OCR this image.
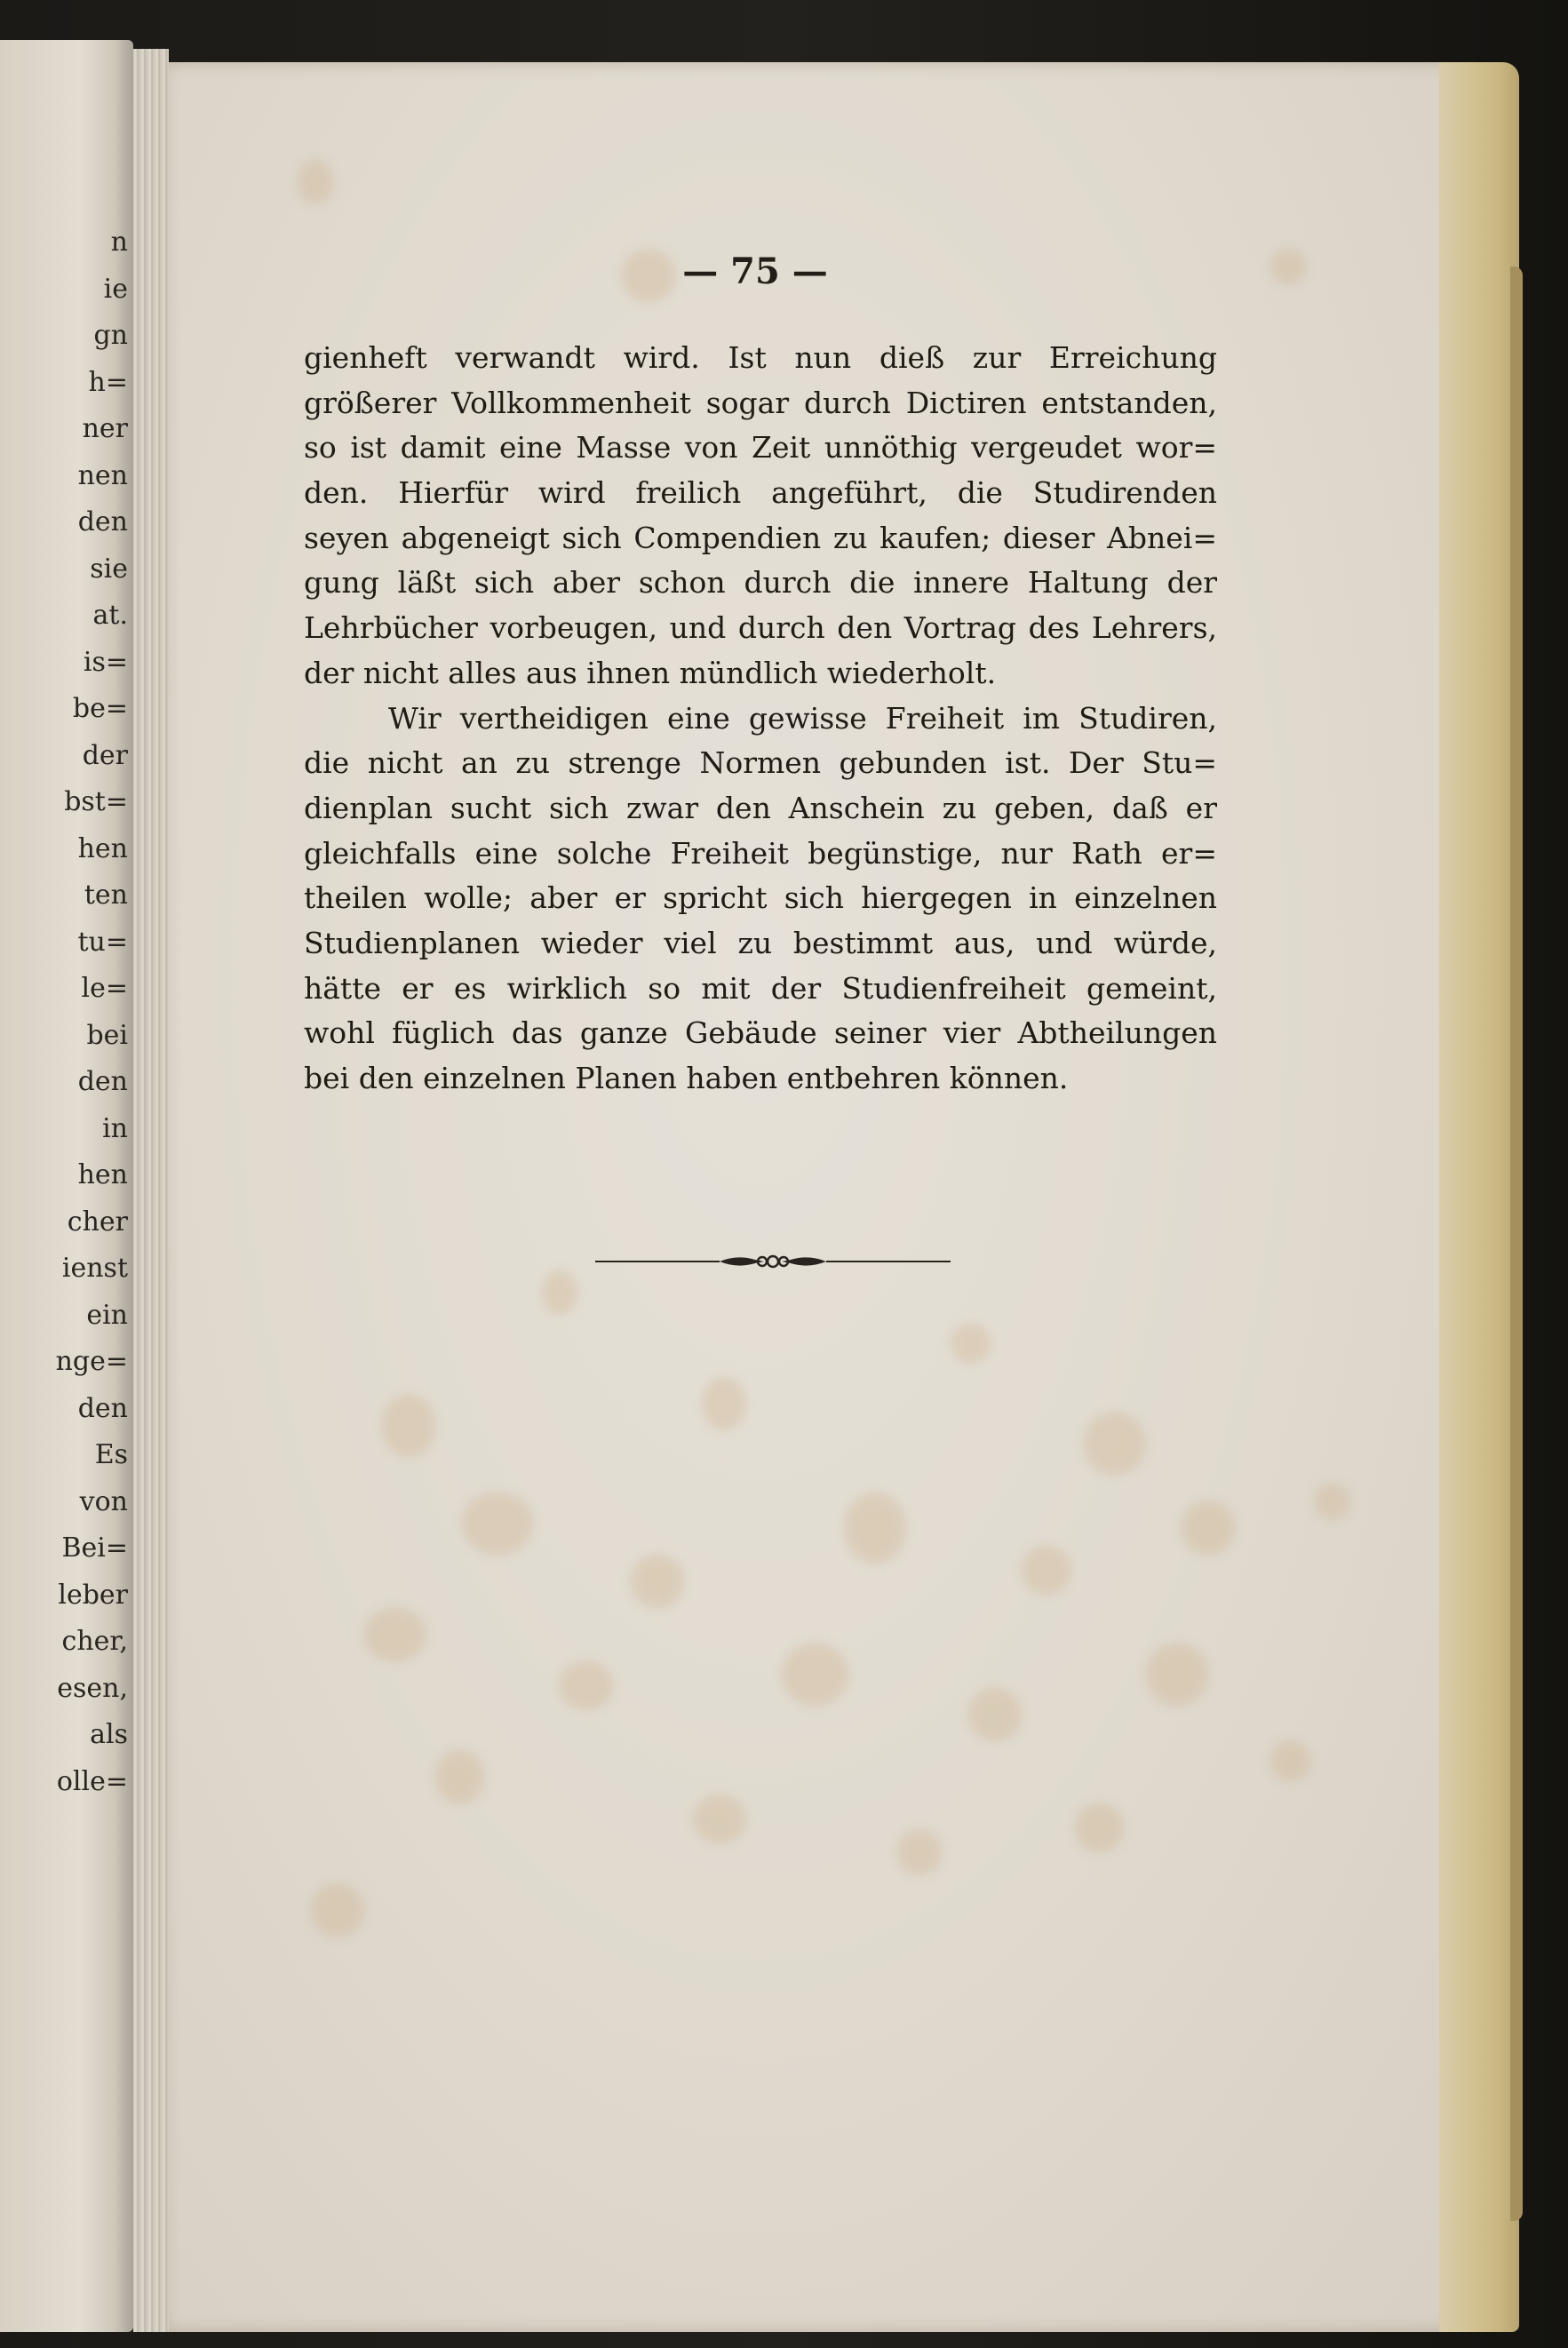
n
ie
gn
h=
ner
nen
den
sie
at.
is=
be=
der
bst=
hen
ten
tu=
le=
bei
den
in
hen
cher
ienst
ein
nge=
den
Es
von
Bei=
leber
cher,
esen,
als
olle=
— 75 —
gienheft verwandt wird. Ist nun dieß zur Erreichung
größerer Vollkommenheit sogar durch Dictiren entstanden,
so ist damit eine Masse von Zeit unnöthig vergeudet wor=
den. Hierfür wird freilich angeführt, die Studirenden
seyen abgeneigt sich Compendien zu kaufen; dieser Abnei=
gung läßt sich aber schon durch die innere Haltung der
Lehrbücher vorbeugen, und durch den Vortrag des Lehrers,
der nicht alles aus ihnen mündlich wiederholt.
Wir vertheidigen eine gewisse Freiheit im Studiren,
die nicht an zu strenge Normen gebunden ist. Der Stu=
dienplan sucht sich zwar den Anschein zu geben, daß er
gleichfalls eine solche Freiheit begünstige, nur Rath er=
theilen wolle; aber er spricht sich hiergegen in einzelnen
Studienplanen wieder viel zu bestimmt aus, und würde,
hätte er es wirklich so mit der Studienfreiheit gemeint,
wohl füglich das ganze Gebäude seiner vier Abtheilungen
bei den einzelnen Planen haben entbehren können.
